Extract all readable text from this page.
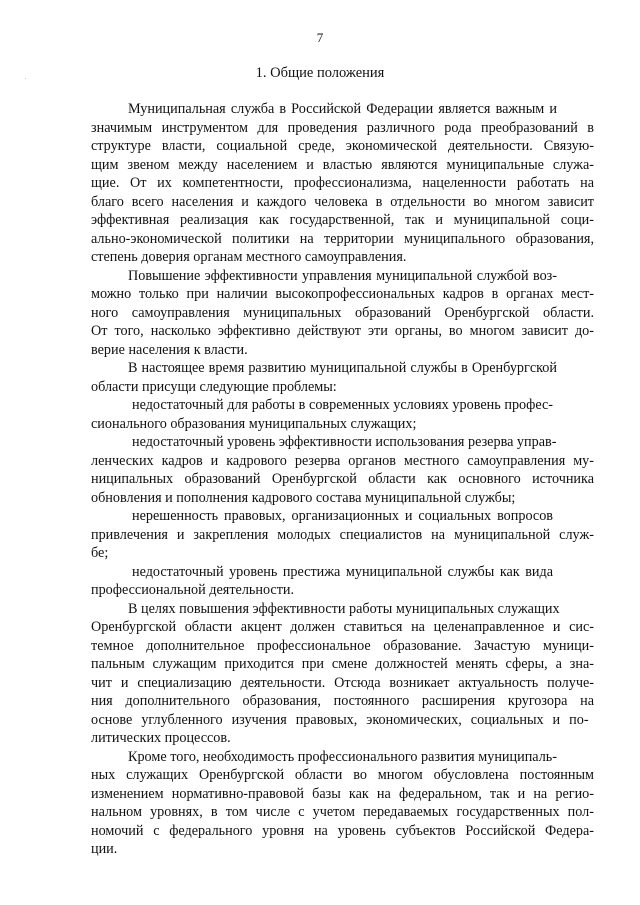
7
1. Общие положения

Муниципальная служба в Российской Федерации является важным и
значимым инструментом для проведения различного рода преобразований в
структуре власти, социальной среде, экономической деятельности. Связую-
щим звеном между населением и властью являются муниципальные служа-
щие. От их компетентности, профессионализма, нацеленности работать на
благо всего населения и каждого человека в отдельности во многом зависит
эффективная реализация как государственной, так и муниципальной соци-
ально-экономической политики на территории муниципального образования,
степень доверия органам местного самоуправления.

Повышение эффективности управления муниципальной службой воз-
можно только при наличии высокопрофессиональных кадров в органах мест-
ного самоуправления муниципальных образований Оренбургской области.
От того, насколько эффективно действуют эти органы, во многом зависит до-
верие населения к власти.

В настоящее время развитию муниципальной службы в Оренбургской
области присущи следующие проблемы:

недостаточный для работы в современных условиях уровень профес-
сионального образования муниципальных служащих;

недостаточный уровень эффективности использования резерва управ-
ленческих кадров и кадрового резерва органов местного самоуправления му-
ниципальных образований Оренбургской области как основного источника
обновления и пополнения кадрового состава муниципальной службы;

нерешенность правовых, организационных и социальных вопросов
привлечения и закрепления молодых специалистов на муниципальной служ-
бе;

недостаточный уровень престижа муниципальной службы как вида
профессиональной деятельности.

В целях повышения эффективности работы муниципальных служащих
Оренбургской области акцент должен ставиться на целенаправленное и сис-
темное дополнительное профессиональное образование. Зачастую муници-
пальным служащим приходится при смене должностей менять сферы, а зна-
чит и специализацию деятельности. Отсюда возникает актуальность получе-
ния дополнительного образования, постоянного расширения кругозора на
основе углубленного изучения правовых, экономических, социальных и по-
литических процессов.

Кроме того, необходимость профессионального развития муниципаль-
ных служащих Оренбургской области во многом обусловлена постоянным
изменением нормативно-правовой базы как на федеральном, так и на регио-
нальном уровнях, в том числе с учетом передаваемых государственных пол-
номочий с федерального уровня на уровень субъектов Российской Федера-
ции.
